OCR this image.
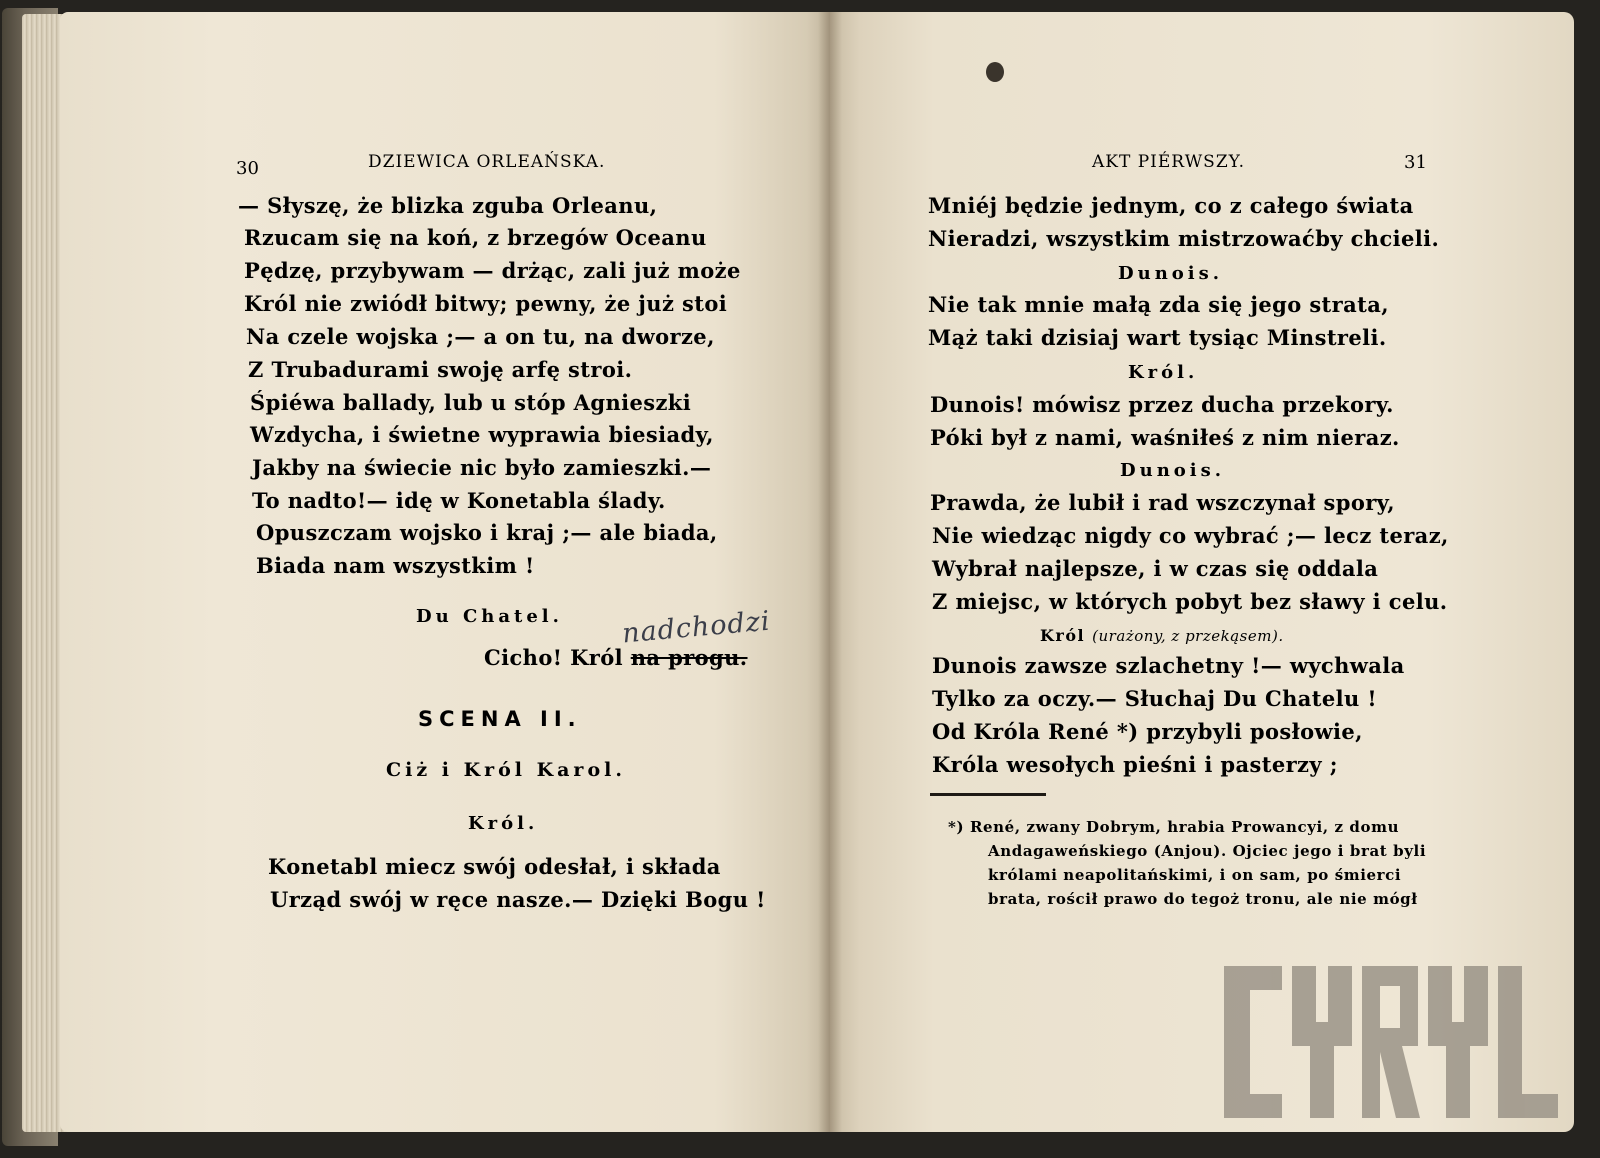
30	DZIEWICA ORLEAŃSKA.
— Słyszę, że blizka zguba Orleanu,
Rzucam się na koń, z brzegów Oceanu
Pędzę, przybywam — drżąc, zali już może
Król nie zwiódł bitwy; pewny, że już stoi
Na czele wojska ;— a on tu, na dworze,
Z Trubadurami swoję arfę stroi.
Śpiéwa ballady, lub u stóp Agnieszki
Wzdycha, i świetne wyprawia biesiady,
Jakby na świecie nic było zamieszki.—
To nadto!— idę w Konetabla ślady.
Opuszczam wojsko i kraj ;— ale biada,
Biada nam wszystkim !
Du Chatel. nadchodzi
Cicho! Król na progu.
SCENA II.
Ciż i Król Karol.
Król.
Konetabl miecz swój odesłał, i składa
Urząd swój w ręce nasze.— Dzięki Bogu !
AKT PIÉRWSZY.	31
Mniéj będzie jednym, co z całego świata
Nieradzi, wszystkim mistrzowaćby chcieli.
Dunois.
Nie tak mnie małą zda się jego strata,
Mąż taki dzisiaj wart tysiąc Minstreli.
Król.
Dunois! mówisz przez ducha przekory.
Póki był z nami, waśniłeś z nim nieraz.
Dunois.
Prawda, że lubił i rad wszczynał spory,
Nie wiedząc nigdy co wybrać ;— lecz teraz,
Wybrał najlepsze, i w czas się oddala
Z miejsc, w których pobyt bez sławy i celu.
Król (urażony, z przekąsem).
Dunois zawsze szlachetny !— wychwala
Tylko za oczy.— Słuchaj Du Chatelu !
Od Króla René *) przybyli posłowie,
Króla wesołych pieśni i pasterzy ;
*) René, zwany Dobrym, hrabia Prowancyi, z domu
Andagaweńskiego (Anjou). Ojciec jego i brat byli
królami neapolitańskimi, i on sam, po śmierci
brata, rościł prawo do tegoż tronu, ale nie mógł
